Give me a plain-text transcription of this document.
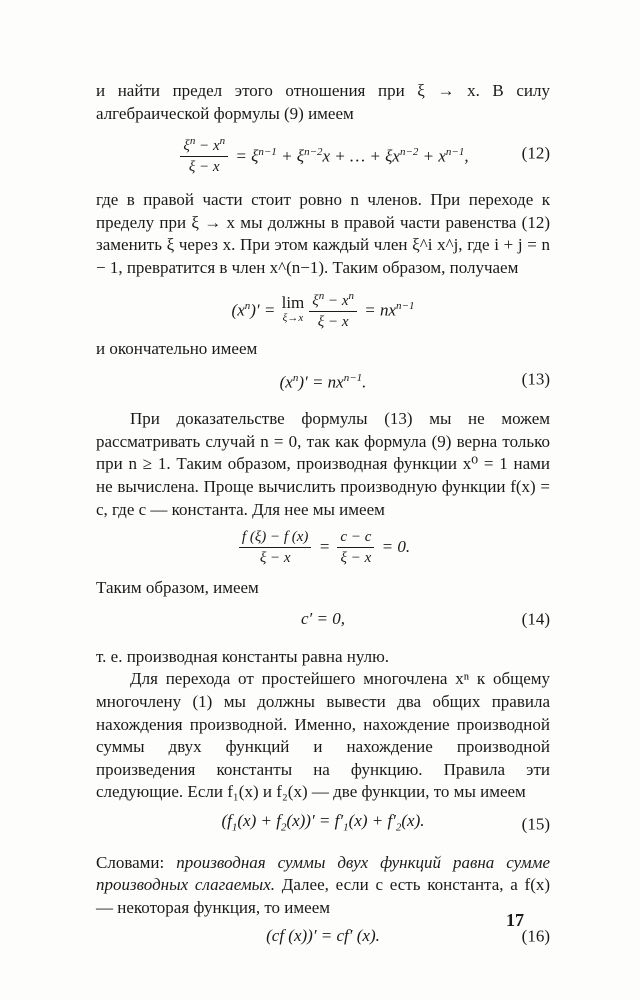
и найти предел этого отношения при ξ → x. В силу алгебраической формулы (9) имеем

$\frac{\xi^n - x^n}{\xi - x} = \xi^{n-1} + \xi^{n-2}x$ + … + $\xi x^{n-2} + x^{n-1}$,	(12)

где в правой части стоит ровно n членов. При переходе к пределу при ξ → x мы должны в правой части равенства (12) заменить ξ через x. При этом каждый член ξ^i x^j, где i + j = n − 1, превратится в член x^(n−1). Таким образом, получаем

$(x^n)' = \lim$
$\xi\to x \frac{\xi^n - x^n}{\xi - x} = nx^{n-1}$

и окончательно имеем

$(x^n)' = nx^{n-1}$.	(13)

При доказательстве формулы (13) мы не можем рассматривать случай n = 0, так как формула (9) верна только при n ≥ 1. Таким образом, производная функции x⁰ = 1 нами не вычислена. Проще вычислить производную функции f(x) = c, где c — константа. Для нее мы имеем

$\frac{f (\xi) - f (x)}{\xi - x} = \frac{c - c}{\xi - x} = 0$.

Таким образом, имеем

c′ = 0,	(14)

т. е. производная константы равна нулю.

Для перехода от простейшего многочлена xⁿ к общему многочлену (1) мы должны вывести два общих правила нахождения производной. Именно, нахождение производной суммы двух функций и нахождение производной произведения константы на функцию. Правила эти следующие. Если f₁(x) и f₂(x) — две функции, то мы имеем

$(f_1(x) + f_2(x))' = f'_1(x) + f'_2(x)$.	(15)

Словами: производная суммы двух функций равна сумме производных слагаемых. Далее, если c есть константа, а f(x) — некоторая функция, то имеем

(cf (x))′ = cf′ (x).	(16)
17
